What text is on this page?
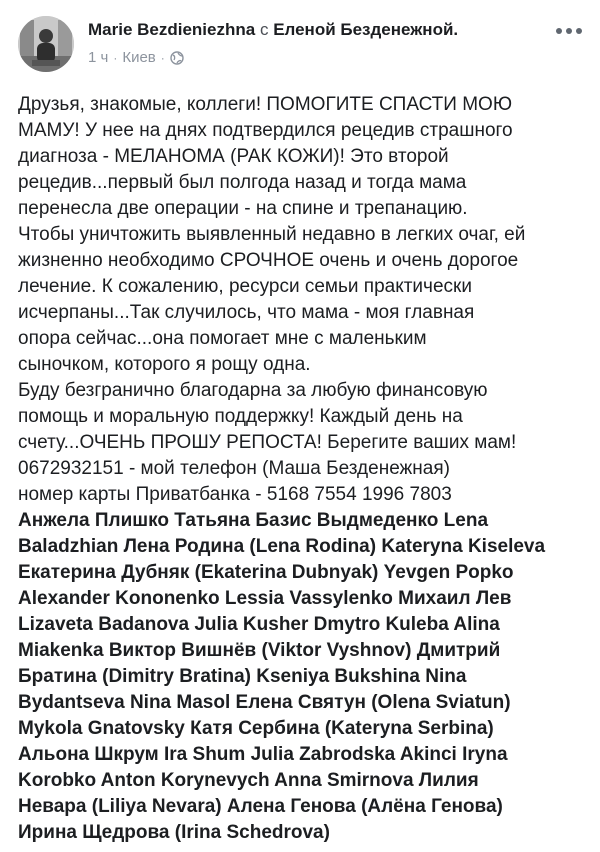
Marie Bezdieniezhna с Еленой Безденежной.
1 ч · Киев ·
Друзья, знакомые, коллеги! ПОМОГИТЕ СПАСТИ МОЮ
МАМУ! У нее на днях подтвердился рецедив страшного
диагноза - МЕЛАНОМА (РАК КОЖИ)! Это второй
рецедив...первый был полгода назад и тогда мама
перенесла две операции - на спине и трепанацию.
Чтобы уничтожить выявленный недавно в легких очаг, ей
жизненно необходимо СРОЧНОЕ очень и очень дорогое
лечение. К сожалению, ресурси семьи практически
исчерпаны...Так случилось, что мама - моя главная
опора сейчас...она помогает мне с маленьким
сыночком, которого я рощу одна.
Буду безгранично благодарна за любую финансовую
помощь и моральную поддержку! Каждый день на
счету...ОЧЕНЬ ПРОШУ РЕПОСТА! Берегите ваших мам!
0672932151 - мой телефон (Маша Безденежная)
номер карты Приватбанка - 5168 7554 1996 7803
Анжела Плишко Татьяна Базис Выдмеденко Lena
Baladzhian Лена Родина (Lena Rodina) Kateryna Kiseleva
Екатерина Дубняк (Ekaterina Dubnyak) Yevgen Popko
Alexander Kononenko Lessia Vassylenko Михаил Лев
Lizaveta Badanova Julia Kusher Dmytro Kuleba Alina
Miakenka Виктор Вишнёв (Viktor Vyshnov) Дмитрий
Братина (Dimitry Bratina) Kseniya Bukshina Nina
Bydantseva Nina Masol Елена Святун (Olena Sviatun)
Mykola Gnatovsky Катя Сербина (Kateryna Serbina)
Альона Шкрум Ira Shum Julia Zabrodska Akinci Iryna
Korobko Anton Korynevych Anna Smirnova Лилия
Невара (Liliya Nevara) Алена Генова (Алёна Генова)
Ирина Щедрова (Irina Schedrova)
